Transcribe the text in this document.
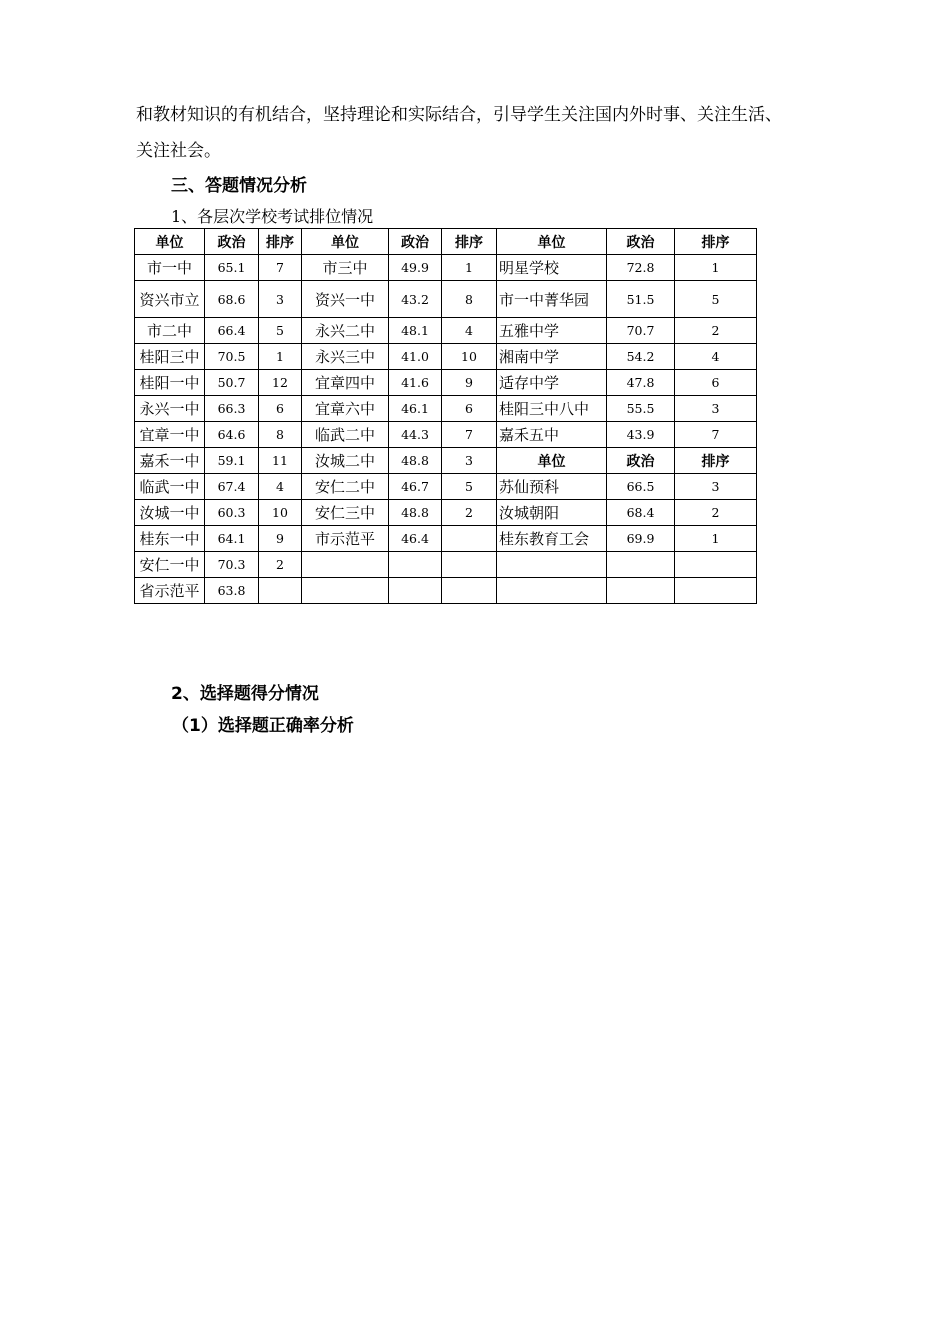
和教材知识的有机结合，坚持理论和实际结合，引导学生关注国内外时事、关注生活、
关注社会。
三、答题情况分析
1、各层次学校考试排位情况
单位	政治	排序	单位	政治	排序	单位	政治	排序
市一中	65.1	7	市三中	49.9	1	明星学校	72.8	1
资兴市立	68.6	3	资兴一中	43.2	8	市一中菁华园	51.5	5
市二中	66.4	5	永兴二中	48.1	4	五雅中学	70.7	2
桂阳三中	70.5	1	永兴三中	41.0	10	湘南中学	54.2	4
桂阳一中	50.7	12	宜章四中	41.6	9	适存中学	47.8	6
永兴一中	66.3	6	宜章六中	46.1	6	桂阳三中八中	55.5	3
宜章一中	64.6	8	临武二中	44.3	7	嘉禾五中	43.9	7
嘉禾一中	59.1	11	汝城二中	48.8	3	单位	政治	排序
临武一中	67.4	4	安仁二中	46.7	5	苏仙预科	66.5	3
汝城一中	60.3	10	安仁三中	48.8	2	汝城朝阳	68.4	2
桂东一中	64.1	9	市示范平	46.4		桂东教育工会	69.9	1
安仁一中	70.3	2						
省示范平	63.8							
2、选择题得分情况
（1）选择题正确率分析
